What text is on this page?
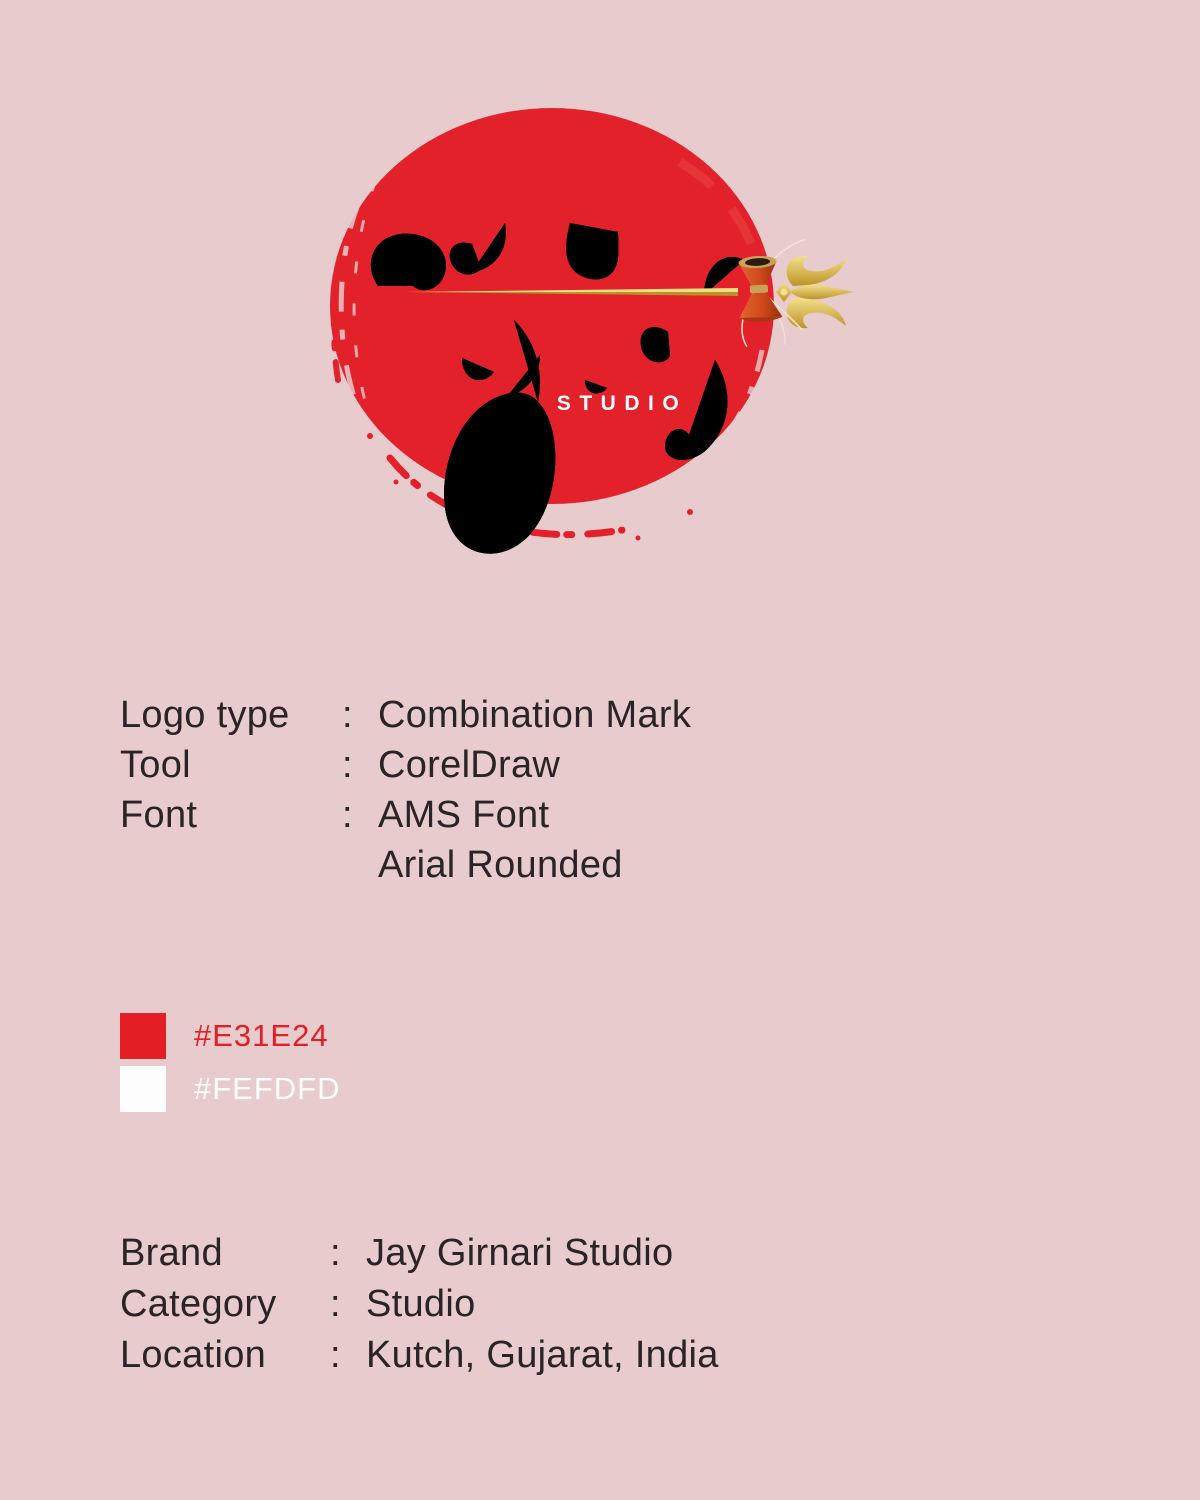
STUDIO
Logo type	: Combination Mark
Tool	: CorelDraw
Font	: AMS Font
Arial Rounded
#E31E24
#FEFDFD
Brand	: Jay Girnari Studio
Category	: Studio
Location	: Kutch, Gujarat, India
